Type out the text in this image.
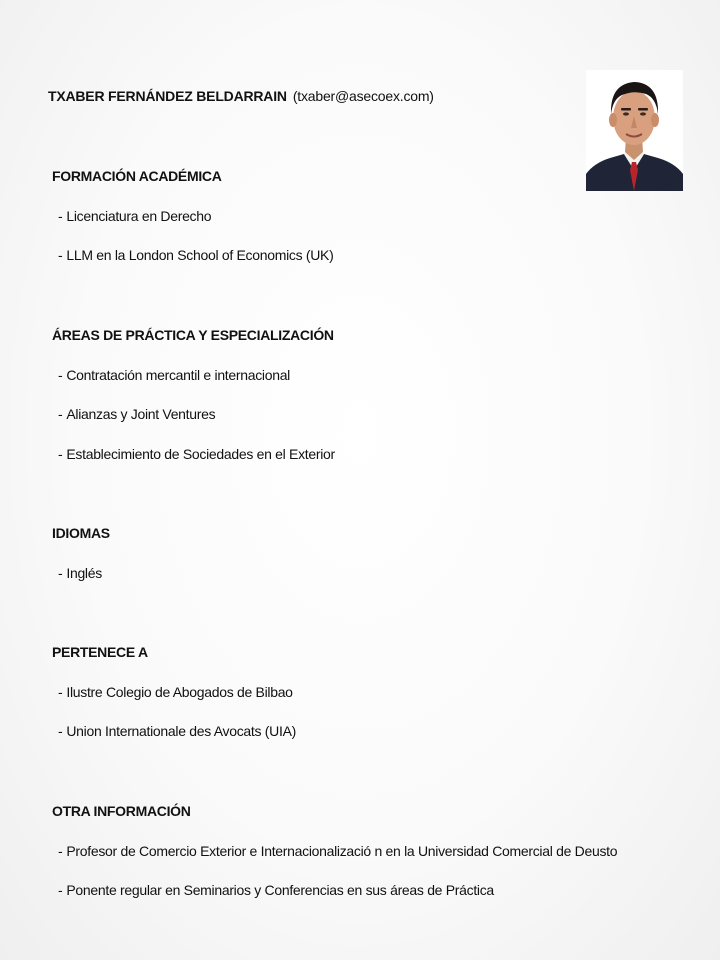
TXABER FERNÁNDEZ BELDARRAIN (txaber@asecoex.com)
FORMACIÓN ACADÉMICA
- Licenciatura en Derecho
- LLM en la London School of Economics (UK)
ÁREAS DE PRÁCTICA Y ESPECIALIZACIÓN
- Contratación mercantil e internacional
- Alianzas y Joint Ventures
- Establecimiento de Sociedades en el Exterior
IDIOMAS
- Inglés
PERTENECE A
- Ilustre Colegio de Abogados de Bilbao
- Union Internationale des Avocats (UIA)
OTRA INFORMACIÓN
- Profesor de Comercio Exterior e Internacionalizació n en la Universidad Comercial de Deusto
- Ponente regular en Seminarios y Conferencias en sus áreas de Práctica
